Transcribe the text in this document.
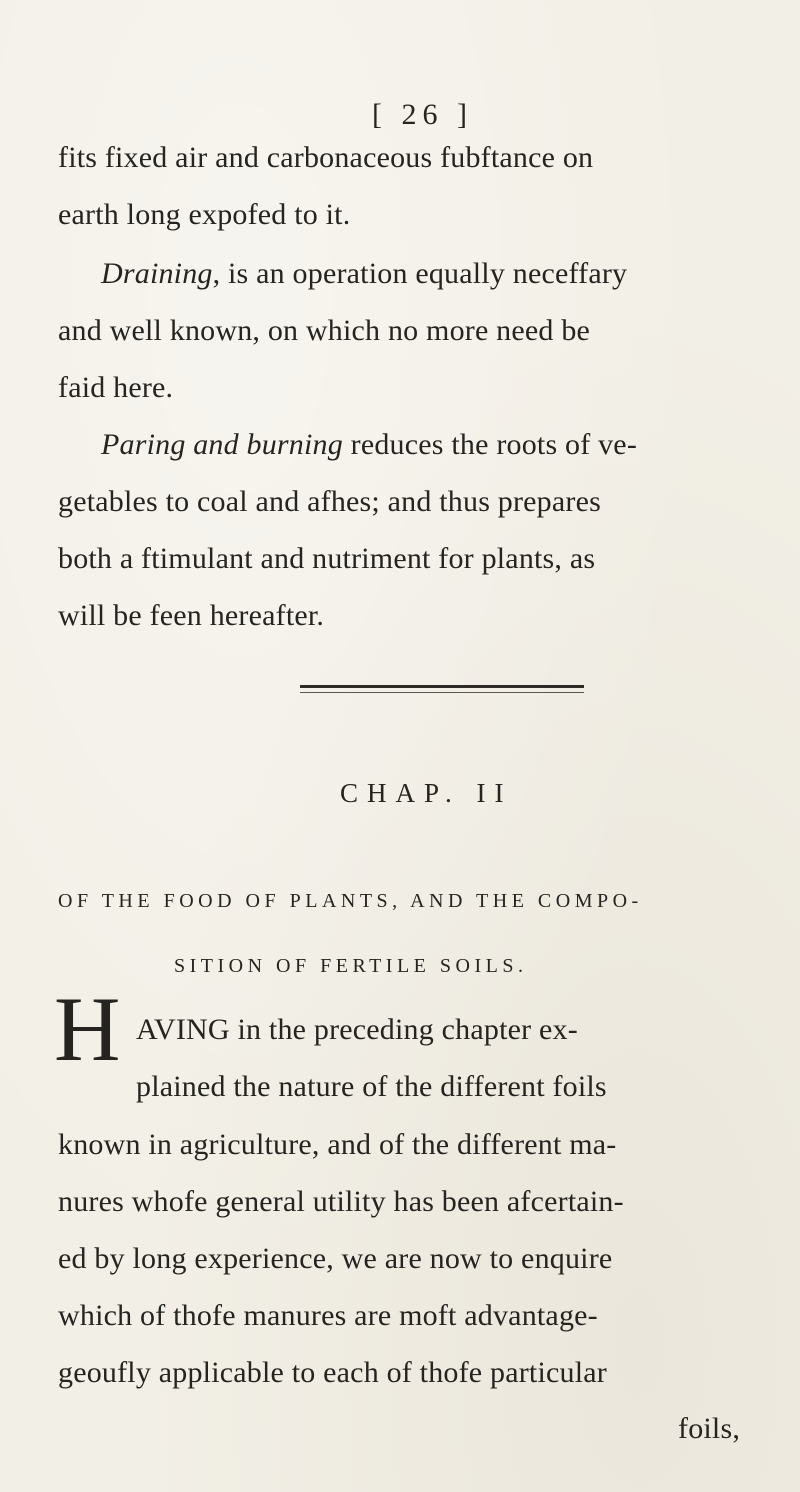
[ 26 ]
fits fixed air and carbonaceous fubftance on
earth long expofed to it.
Draining, is an operation equally neceffary
and well known, on which no more need be
faid here.
Paring and burning reduces the roots of ve-
getables to coal and afhes; and thus prepares
both a ftimulant and nutriment for plants, as
will be feen hereafter.
CHAP. II
OF THE FOOD OF PLANTS, AND THE COMPO-
SITION OF FERTILE SOILS.
H AVING in the preceding chapter ex-
plained the nature of the different foils
known in agriculture, and of the different ma-
nures whofe general utility has been afcertain-
ed by long experience, we are now to enquire
which of thofe manures are moft advantage-
geoufly applicable to each of thofe particular
foils,
